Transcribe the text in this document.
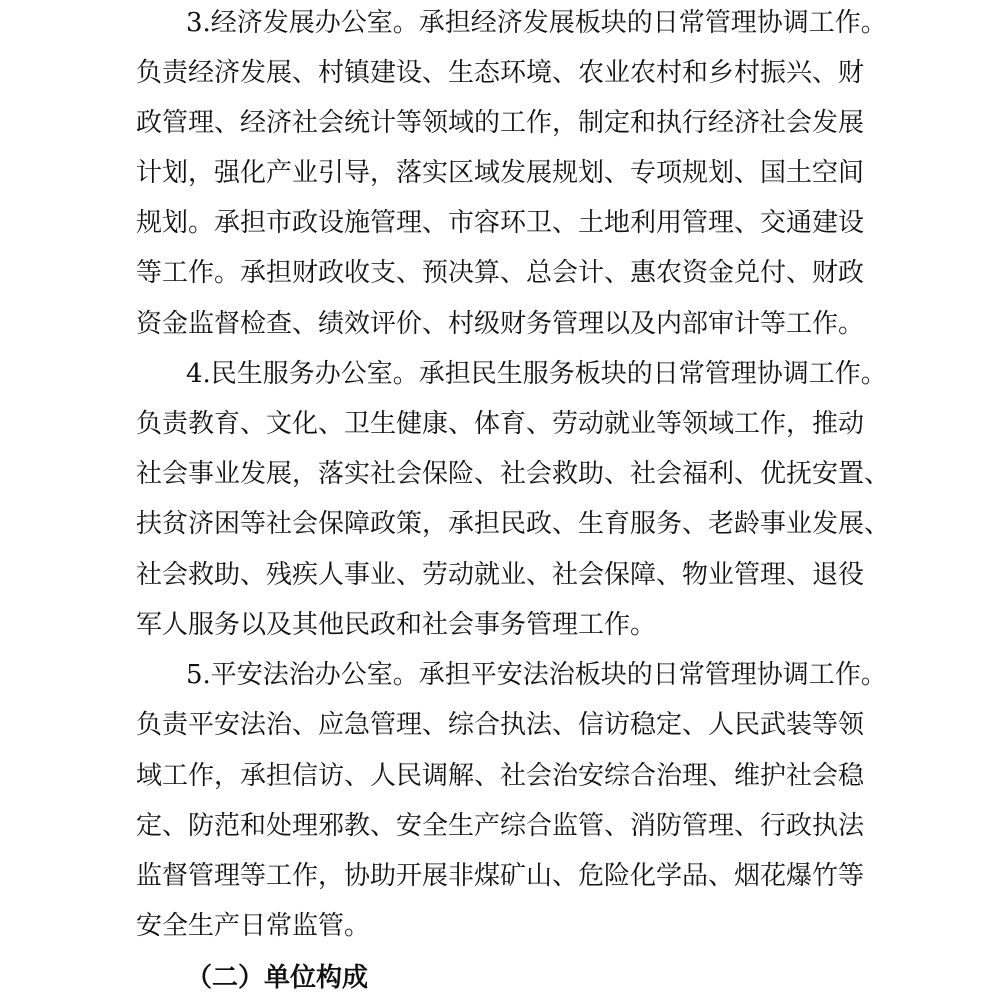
3.经济发展办公室。承担经济发展板块的日常管理协调工作。
负责经济发展、村镇建设、生态环境、农业农村和乡村振兴、财
政管理、经济社会统计等领域的工作，制定和执行经济社会发展
计划，强化产业引导，落实区域发展规划、专项规划、国土空间
规划。承担市政设施管理、市容环卫、土地利用管理、交通建设
等工作。承担财政收支、预决算、总会计、惠农资金兑付、财政
资金监督检查、绩效评价、村级财务管理以及内部审计等工作。
4.民生服务办公室。承担民生服务板块的日常管理协调工作。
负责教育、文化、卫生健康、体育、劳动就业等领域工作，推动
社会事业发展，落实社会保险、社会救助、社会福利、优抚安置、
扶贫济困等社会保障政策，承担民政、生育服务、老龄事业发展、
社会救助、残疾人事业、劳动就业、社会保障、物业管理、退役
军人服务以及其他民政和社会事务管理工作。
5.平安法治办公室。承担平安法治板块的日常管理协调工作。
负责平安法治、应急管理、综合执法、信访稳定、人民武装等领
域工作，承担信访、人民调解、社会治安综合治理、维护社会稳
定、防范和处理邪教、安全生产综合监管、消防管理、行政执法
监督管理等工作，协助开展非煤矿山、危险化学品、烟花爆竹等
安全生产日常监管。
（二）单位构成
